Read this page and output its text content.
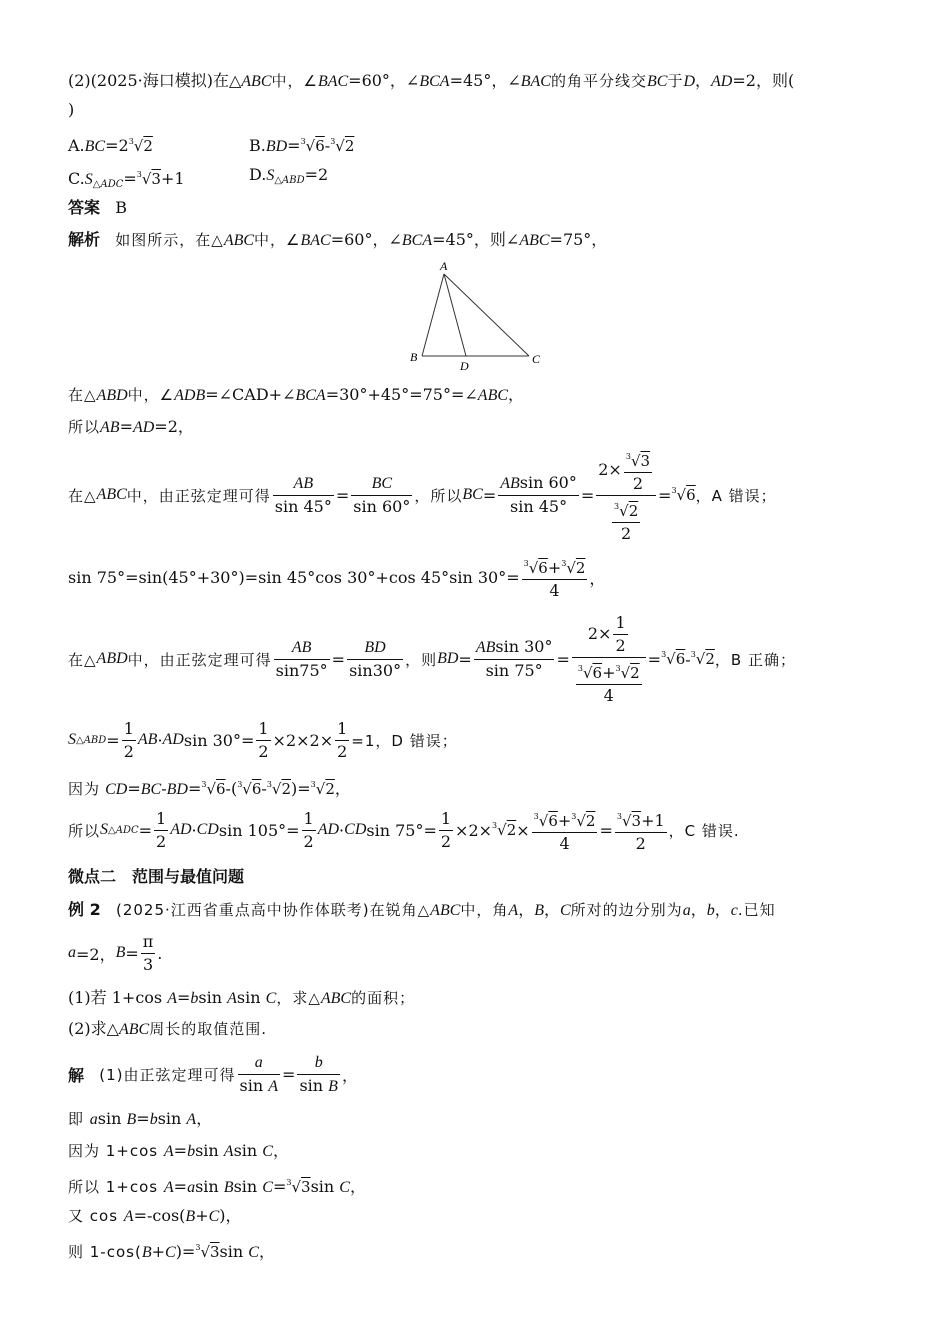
(2)(2025·海口模拟)在△ABC中，∠BAC=60°，∠BCA=45°，∠BAC的角平分线交BC于D，AD=2，则(
)
$A.BC=2^3√2$	B.BD=$^3$√6-$^3$√2
$C.S_{\triangle ADC}=^3√3+1$	$D.S_{\triangle ABD}=2$
答案 B
解析 如图所示，在△ABC中，∠BAC=60°，∠BCA=45°，则∠ABC=75°，
A
B	C
D
在△ABD中，∠ADB=∠CAD+∠BCA=30°+45°=75°=∠ABC，
所以AB=AD=2，
在△ ABC 中，由正弦定理可得 $\frac{AB}{\sin 45^\circ} = \frac{BC}{\sin 60^\circ}$ ，所以 BC = $\frac{ABsin 60^\circ}{\sin 45^\circ} = \frac{2\times \frac{^3√3}{2}}{\frac{^3√2}{2}} = ^3√6$ ，A 错误；
sin 75°=sin(45°+30°)=sin 45°cos 30°+cos 45°sin $30^\circ= \frac{^3√6+^3√2}{4}$ ，
在△ ABD 中，由正弦定理可得 $\frac{AB}{\sin 75^\circ} = \frac{BD}{\sin 30^\circ}$ ，则 BD = $\frac{ABsin 30^\circ}{\sin 75^\circ} = \frac{2\times \frac{1}{2}}{\frac{^3√6+^3√2}{4}} = ^3√6 - ^3√2$ ，B 正确；
S △ABD = $\frac{1}{2}$ AB · AD $\sin 30^\circ= \frac{1}{2} \times 2\times 2\times \frac{1}{2} =1$，D 错误；
因为 CD=BC-BD=$^3$√6-($^3$√6-$^3$√2)=$^3$√2，
所以 S △ADC = $\frac{1}{2}$ AD · CD $\sin 105^\circ= \frac{1}{2}$ AD · CD $\sin 75^\circ= \frac{1}{2} \times 2\times ^3√2 \times \frac{^3√6+^3√2}{4} = \frac{^3√3+1}{2}$ ，C 错误.
微点二　范围与最值问题
例 2 (2025·江西省重点高中协作体联考)在锐角△ABC中，角A，B，C所对的边分别为a，b，c.已知
a =2， $B = \frac{\pi}{3}$ .
(1)若 1+cos A=bsin Asin C，求△ABC的面积；
(2)求△ABC周长的取值范围.
解
(1)由正弦定理可得 $\frac{a}{\text{sin A}} = \frac{b}{\text{sin B}}$ ，
即 asin B=bsin A，
因为 1+cos A=bsin Asin C，
所以 1+cos A=asin Bsin C=$^3$√3sin C，
又 cos A=-cos(B+C)，
则 1-cos(B+C)=$^3$√3sin C，
